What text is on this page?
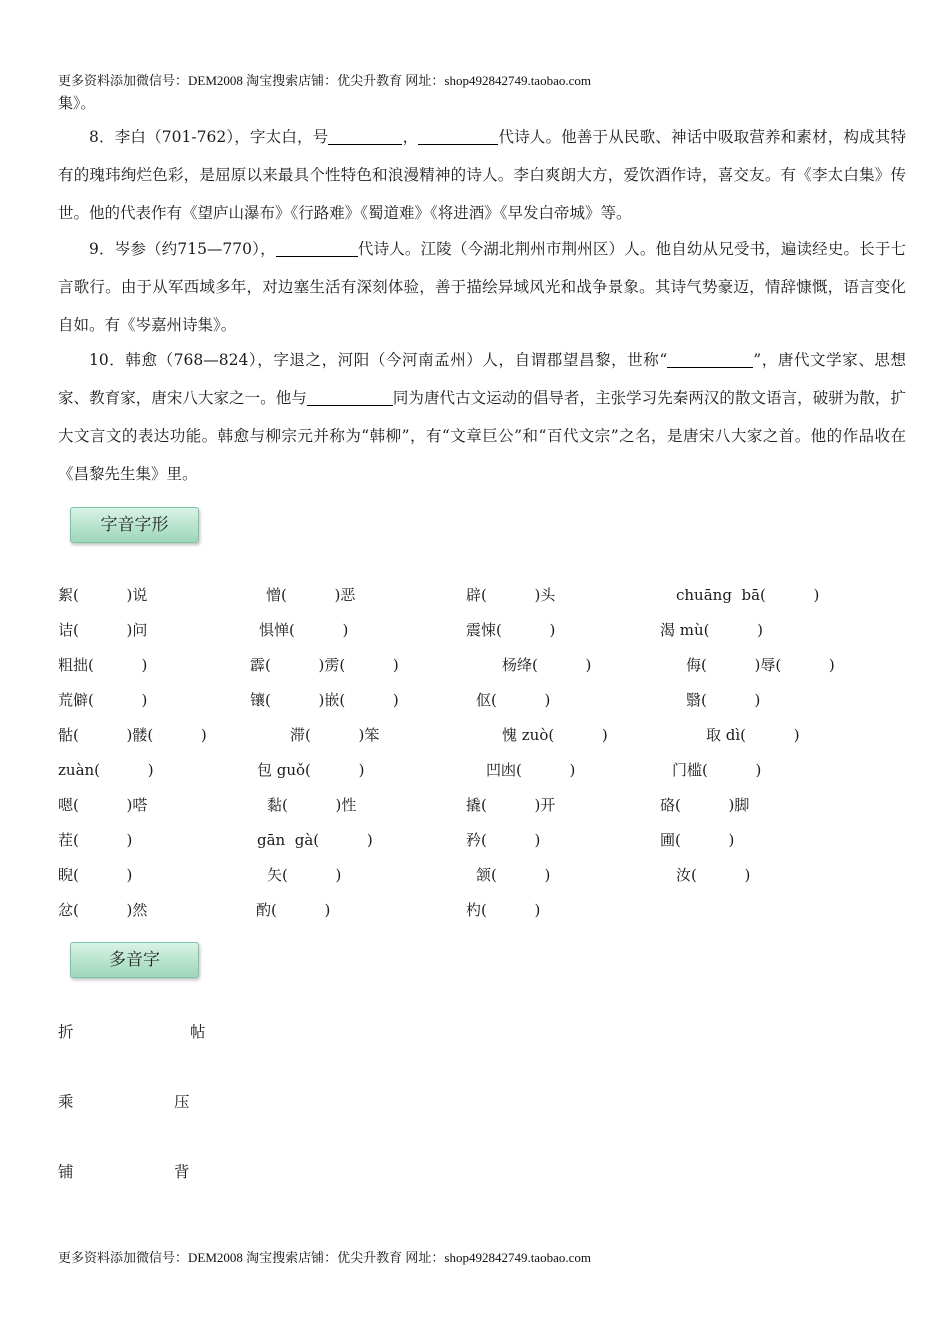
更多资料添加微信号：DEM2008 淘宝搜索店铺：优尖升教育 网址：shop492842749.taobao.com
集》。
8．李白（701-762），字太白，号	，	代诗人。他善于从民歌、神话中吸取营养和素材，构成其特有的瑰玮绚烂色彩，是屈原以来最具个性特色和浪漫精神的诗人。李白爽朗大方，爱饮酒作诗，喜交友。有《李太白集》传世。他的代表作有《望庐山瀑布》《行路难》《蜀道难》《将进酒》《早发白帝城》等。
9．岑参（约715—770），	代诗人。江陵（今湖北荆州市荆州区）人。他自幼从兄受书，遍读经史。长于七言歌行。由于从军西域多年，对边塞生活有深刻体验，善于描绘异域风光和战争景象。其诗气势豪迈，情辞慷慨，语言变化自如。有《岑嘉州诗集》。
10．韩愈（768—824），字退之，河阳（今河南孟州）人，自谓郡望昌黎，世称“	”，唐代文学家、思想家、教育家，唐宋八大家之一。他与	同为唐代古文运动的倡导者，主张学习先秦两汉的散文语言，破骈为散，扩大文言文的表达功能。韩愈与柳宗元并称为“韩柳”，有“文章巨公”和“百代文宗”之名，是唐宋八大家之首。他的作品收在《昌黎先生集》里。
字音字形
絮(          )说	憎(          )恶	辟(          )头	chuāng  bā(          )
诘(          )问	惧惮(          )	震悚(          )	渴 mù(          )
粗拙(          )	霹(          )雳(          )	杨绛(          )	侮(          )辱(          )
荒僻(          )	镶(          )嵌(          )	伛(          )	翳(          )
骷(          )髅(          )	滞(          )笨	愧 zuò(          )	取 dì(          )
zuàn(          )	包 guǒ(          )	凹凼(          )	门槛(          )
嗯(          )嗒	黏(          )性	撬(          )开	硌(          )脚
茬(          )	gān  gà(          )	矜(          )	圃(          )
睨(          )	矢(          )	颔(          )	汝(          )
忿(          )然	酌(          )	杓(          )
多音字
折	帖
乘	压
铺	背
更多资料添加微信号：DEM2008 淘宝搜索店铺：优尖升教育 网址：shop492842749.taobao.com
